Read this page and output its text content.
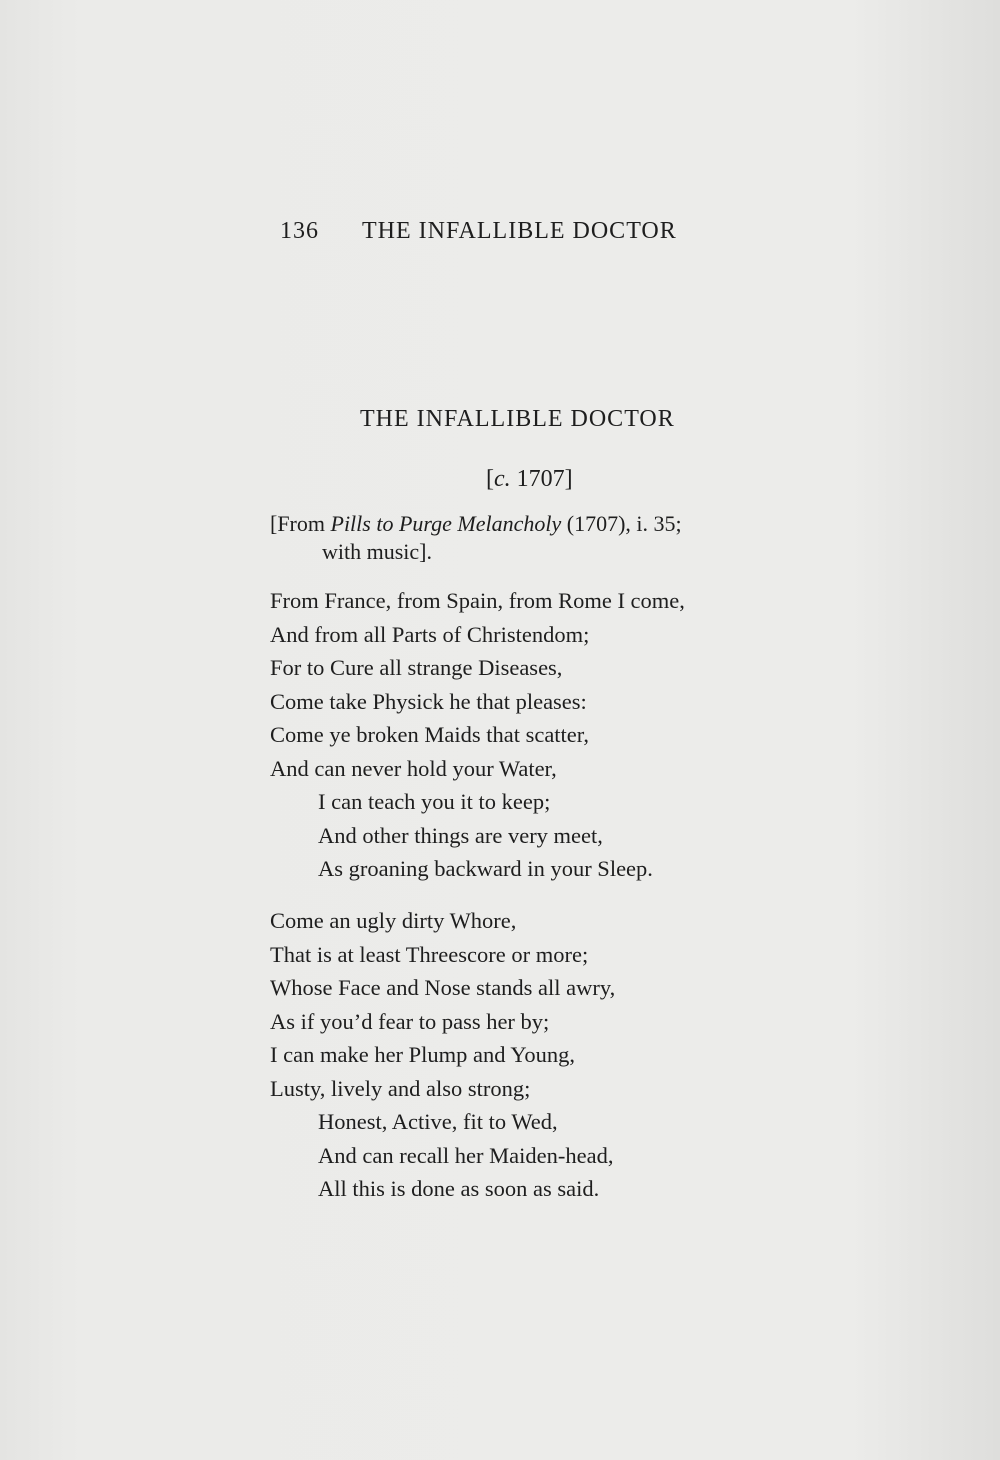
136 THE INFALLIBLE DOCTOR
THE INFALLIBLE DOCTOR
[c. 1707]
[From Pills to Purge Melancholy (1707), i. 35;
with music].
From France, from Spain, from Rome I come,
And from all Parts of Christendom;
For to Cure all strange Diseases,
Come take Physick he that pleases:
Come ye broken Maids that scatter,
And can never hold your Water,
I can teach you it to keep;
And other things are very meet,
As groaning backward in your Sleep.
Come an ugly dirty Whore,
That is at least Threescore or more;
Whose Face and Nose stands all awry,
As if you’d fear to pass her by;
I can make her Plump and Young,
Lusty, lively and also strong;
Honest, Active, fit to Wed,
And can recall her Maiden-head,
All this is done as soon as said.
